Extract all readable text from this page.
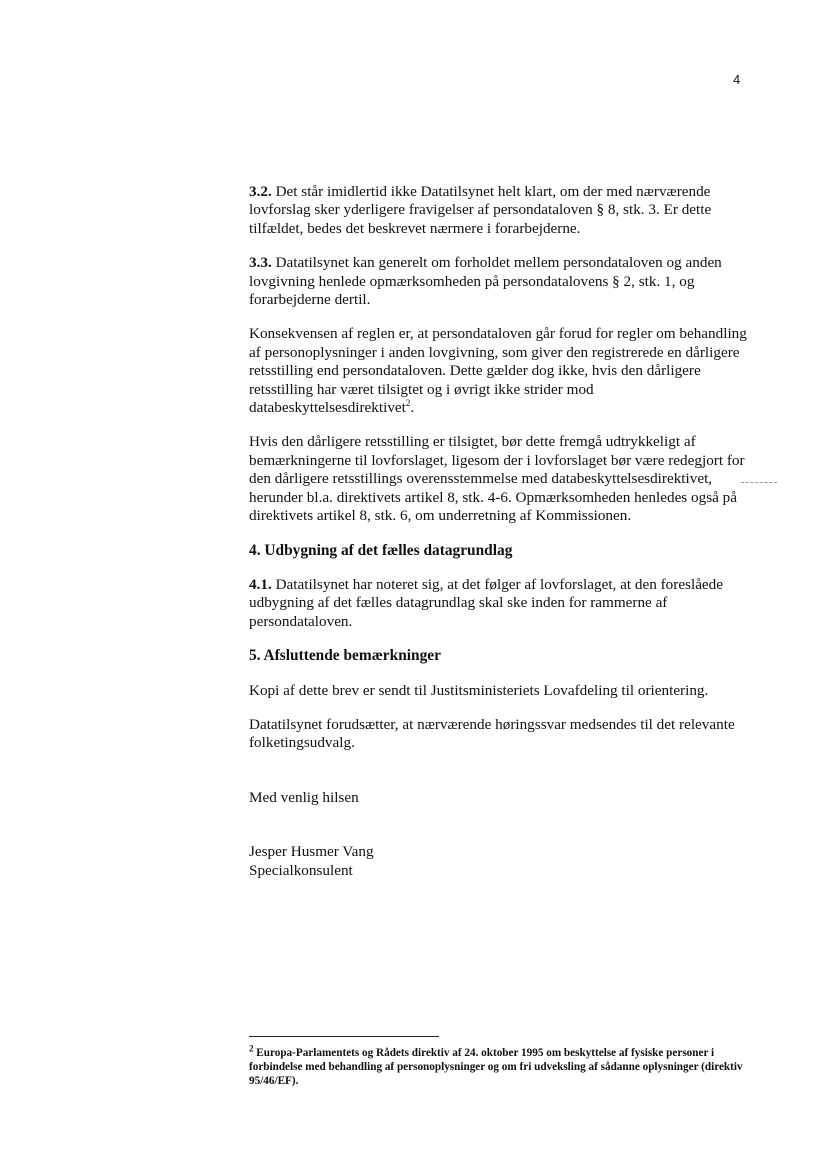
4

3.2. Det står imidlertid ikke Datatilsynet helt klart, om der med nærværende lovforslag sker yderligere fravigelser af persondataloven § 8, stk. 3. Er dette tilfældet, bedes det beskrevet nærmere i forarbejderne.

3.3. Datatilsynet kan generelt om forholdet mellem persondataloven og anden lovgivning henlede opmærksomheden på persondatalovens § 2, stk. 1, og forarbejderne dertil.

Konsekvensen af reglen er, at persondataloven går forud for regler om behandling af personoplysninger i anden lovgivning, som giver den registrerede en dårligere retsstilling end persondataloven. Dette gælder dog ikke, hvis den dårligere retsstilling har været tilsigtet og i øvrigt ikke strider mod databeskyttelsesdirektivet$^2$.

Hvis den dårligere retsstilling er tilsigtet, bør dette fremgå udtrykkeligt af bemærkningerne til lovforslaget, ligesom der i lovforslaget bør være redegjort for den dårligere retsstillings overensstemmelse med databeskyttelsesdirektivet, herunder bl.a. direktivets artikel 8, stk. 4-6. Opmærksomheden henledes også på direktivets artikel 8, stk. 6, om underretning af Kommissionen.

4. Udbygning af det fælles datagrundlag

4.1. Datatilsynet har noteret sig, at det følger af lovforslaget, at den foreslåede udbygning af det fælles datagrundlag skal ske inden for rammerne af persondataloven.

5. Afsluttende bemærkninger

Kopi af dette brev er sendt til Justitsministeriets Lovafdeling til orientering.

Datatilsynet forudsætter, at nærværende høringssvar medsendes til det relevante folketingsudvalg.

Med venlig hilsen

Jesper Husmer Vang

Specialkonsulent

$^2$ Europa-Parlamentets og Rådets direktiv af 24. oktober 1995 om beskyttelse af fysiske personer i forbindelse med behandling af personoplysninger og om fri udveksling af sådanne oplysninger (direktiv 95/46/EF).
